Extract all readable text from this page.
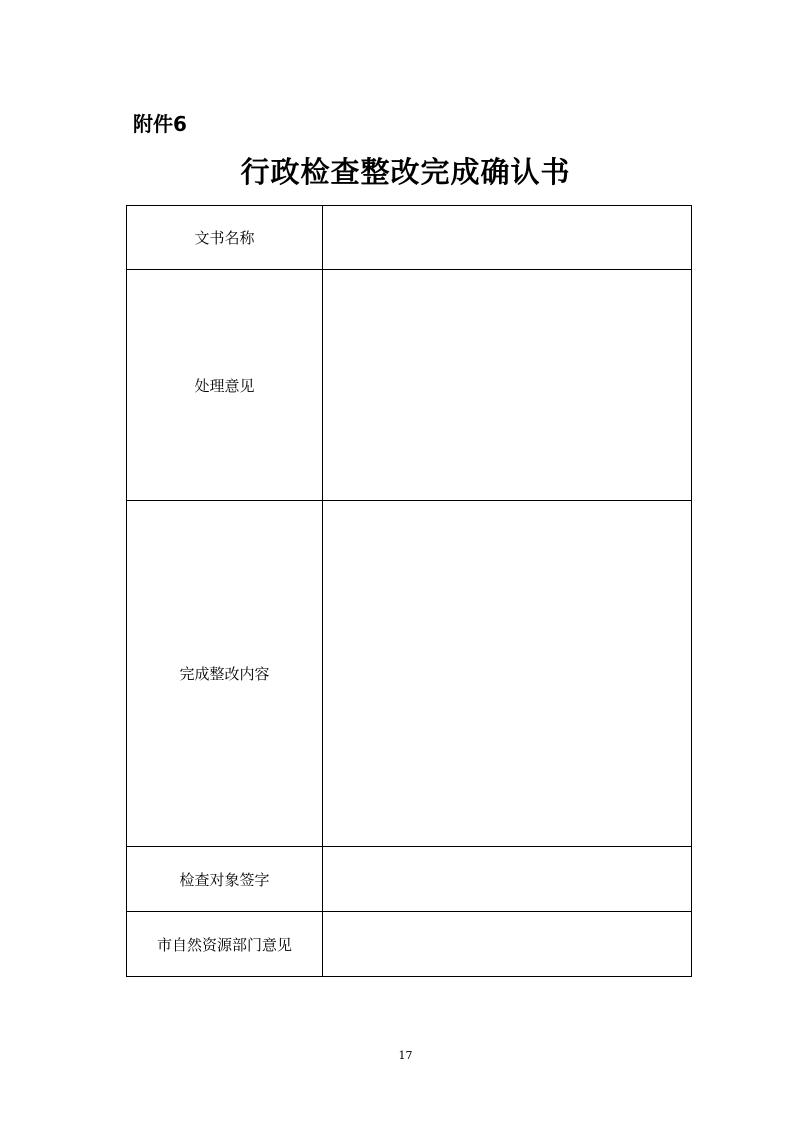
附件6
行政检查整改完成确认书
文书名称	
处理意见	
完成整改内容	
检查对象签字	
市自然资源部门意见	
17
